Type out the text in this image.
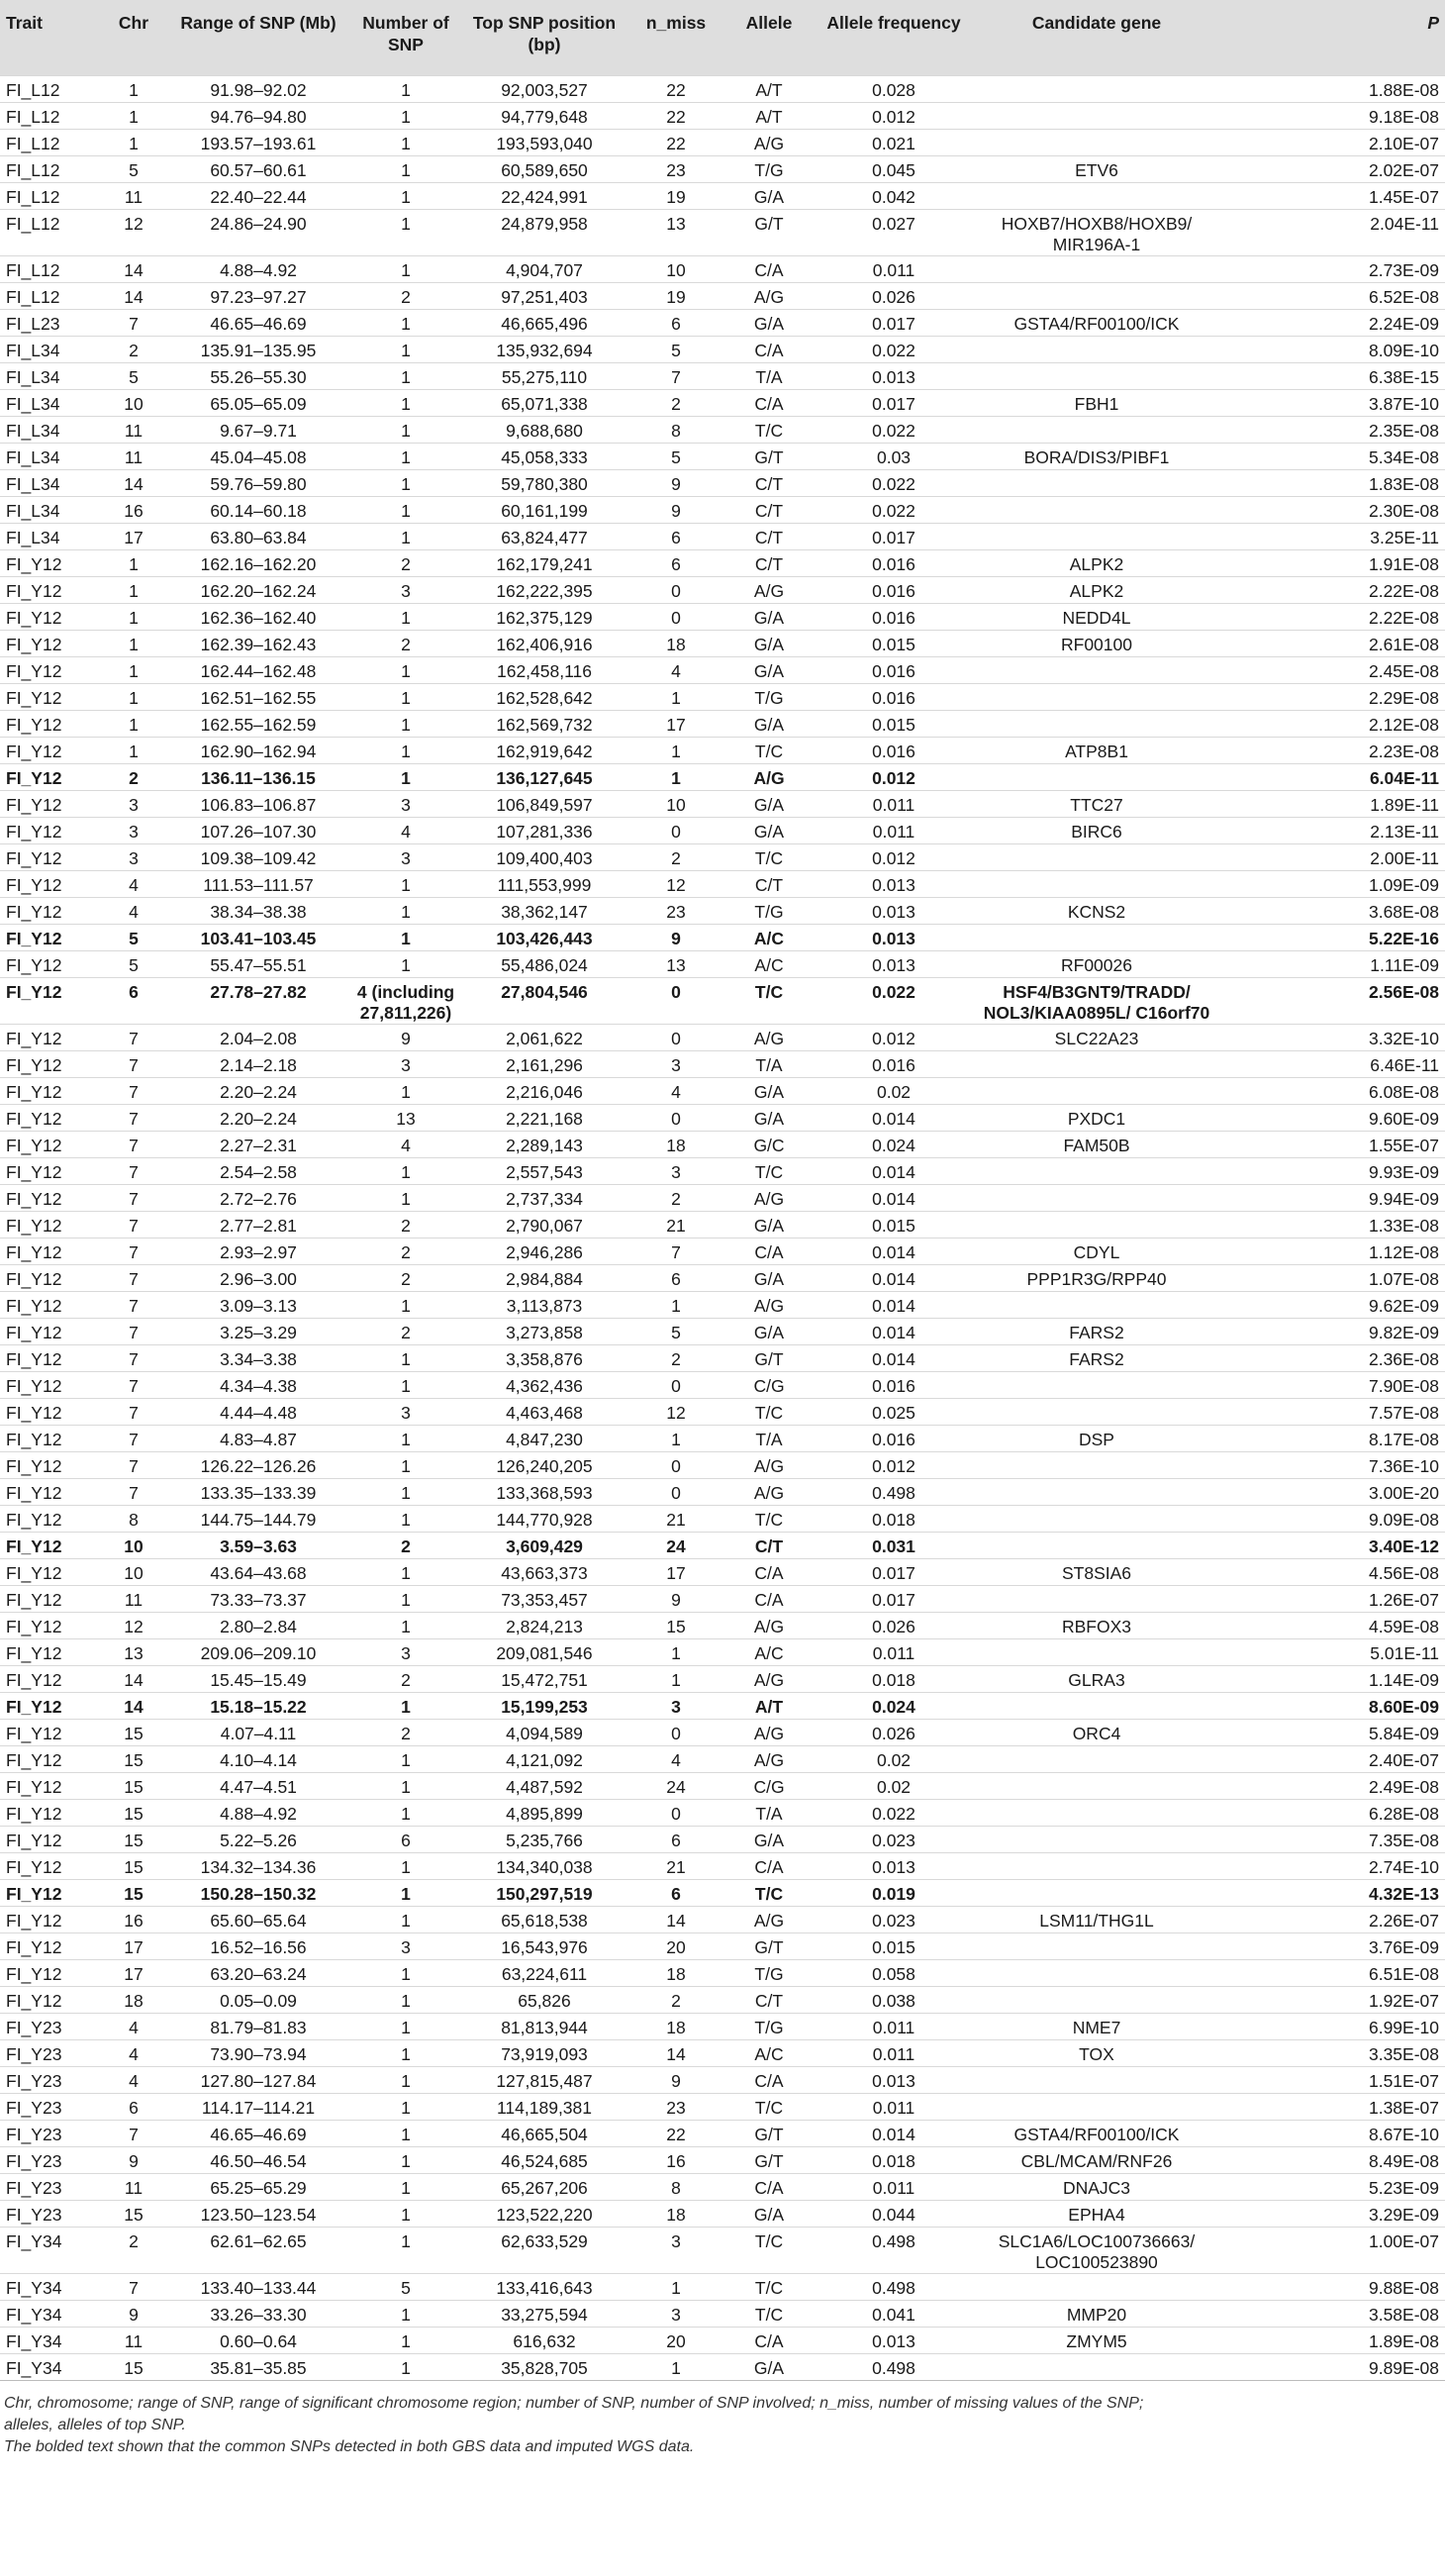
Trait	Chr	Range of SNP (Mb)	Number of SNP	Top SNP position (bp)	n_miss	Allele	Allele frequency	Candidate gene	P
FI_L12	1	91.98–92.02	1	92,003,527	22	A/T	0.028		1.88E-08
FI_L12	1	94.76–94.80	1	94,779,648	22	A/T	0.012		9.18E-08
FI_L12	1	193.57–193.61	1	193,593,040	22	A/G	0.021		2.10E-07
FI_L12	5	60.57–60.61	1	60,589,650	23	T/G	0.045	ETV6	2.02E-07
FI_L12	11	22.40–22.44	1	22,424,991	19	G/A	0.042		1.45E-07
FI_L12	12	24.86–24.90	1	24,879,958	13	G/T	0.027	HOXB7/HOXB8/HOXB9/ MIR196A-1	2.04E-11
FI_L12	14	4.88–4.92	1	4,904,707	10	C/A	0.011		2.73E-09
FI_L12	14	97.23–97.27	2	97,251,403	19	A/G	0.026		6.52E-08
FI_L23	7	46.65–46.69	1	46,665,496	6	G/A	0.017	GSTA4/RF00100/ICK	2.24E-09
FI_L34	2	135.91–135.95	1	135,932,694	5	C/A	0.022		8.09E-10
FI_L34	5	55.26–55.30	1	55,275,110	7	T/A	0.013		6.38E-15
FI_L34	10	65.05–65.09	1	65,071,338	2	C/A	0.017	FBH1	3.87E-10
FI_L34	11	9.67–9.71	1	9,688,680	8	T/C	0.022		2.35E-08
FI_L34	11	45.04–45.08	1	45,058,333	5	G/T	0.03	BORA/DIS3/PIBF1	5.34E-08
FI_L34	14	59.76–59.80	1	59,780,380	9	C/T	0.022		1.83E-08
FI_L34	16	60.14–60.18	1	60,161,199	9	C/T	0.022		2.30E-08
FI_L34	17	63.80–63.84	1	63,824,477	6	C/T	0.017		3.25E-11
FI_Y12	1	162.16–162.20	2	162,179,241	6	C/T	0.016	ALPK2	1.91E-08
FI_Y12	1	162.20–162.24	3	162,222,395	0	A/G	0.016	ALPK2	2.22E-08
FI_Y12	1	162.36–162.40	1	162,375,129	0	G/A	0.016	NEDD4L	2.22E-08
FI_Y12	1	162.39–162.43	2	162,406,916	18	G/A	0.015	RF00100	2.61E-08
FI_Y12	1	162.44–162.48	1	162,458,116	4	G/A	0.016		2.45E-08
FI_Y12	1	162.51–162.55	1	162,528,642	1	T/G	0.016		2.29E-08
FI_Y12	1	162.55–162.59	1	162,569,732	17	G/A	0.015		2.12E-08
FI_Y12	1	162.90–162.94	1	162,919,642	1	T/C	0.016	ATP8B1	2.23E-08
FI_Y12	2	136.11–136.15	1	136,127,645	1	A/G	0.012		6.04E-11
FI_Y12	3	106.83–106.87	3	106,849,597	10	G/A	0.011	TTC27	1.89E-11
FI_Y12	3	107.26–107.30	4	107,281,336	0	G/A	0.011	BIRC6	2.13E-11
FI_Y12	3	109.38–109.42	3	109,400,403	2	T/C	0.012		2.00E-11
FI_Y12	4	111.53–111.57	1	111,553,999	12	C/T	0.013		1.09E-09
FI_Y12	4	38.34–38.38	1	38,362,147	23	T/G	0.013	KCNS2	3.68E-08
FI_Y12	5	103.41–103.45	1	103,426,443	9	A/C	0.013		5.22E-16
FI_Y12	5	55.47–55.51	1	55,486,024	13	A/C	0.013	RF00026	1.11E-09
FI_Y12	6	27.78–27.82	4 (including 27,811,226)	27,804,546	0	T/C	0.022	HSF4/B3GNT9/TRADD/ NOL3/KIAA0895L/ C16orf70	2.56E-08
FI_Y12	7	2.04–2.08	9	2,061,622	0	A/G	0.012	SLC22A23	3.32E-10
FI_Y12	7	2.14–2.18	3	2,161,296	3	T/A	0.016		6.46E-11
FI_Y12	7	2.20–2.24	1	2,216,046	4	G/A	0.02		6.08E-08
FI_Y12	7	2.20–2.24	13	2,221,168	0	G/A	0.014	PXDC1	9.60E-09
FI_Y12	7	2.27–2.31	4	2,289,143	18	G/C	0.024	FAM50B	1.55E-07
FI_Y12	7	2.54–2.58	1	2,557,543	3	T/C	0.014		9.93E-09
FI_Y12	7	2.72–2.76	1	2,737,334	2	A/G	0.014		9.94E-09
FI_Y12	7	2.77–2.81	2	2,790,067	21	G/A	0.015		1.33E-08
FI_Y12	7	2.93–2.97	2	2,946,286	7	C/A	0.014	CDYL	1.12E-08
FI_Y12	7	2.96–3.00	2	2,984,884	6	G/A	0.014	PPP1R3G/RPP40	1.07E-08
FI_Y12	7	3.09–3.13	1	3,113,873	1	A/G	0.014		9.62E-09
FI_Y12	7	3.25–3.29	2	3,273,858	5	G/A	0.014	FARS2	9.82E-09
FI_Y12	7	3.34–3.38	1	3,358,876	2	G/T	0.014	FARS2	2.36E-08
FI_Y12	7	4.34–4.38	1	4,362,436	0	C/G	0.016		7.90E-08
FI_Y12	7	4.44–4.48	3	4,463,468	12	T/C	0.025		7.57E-08
FI_Y12	7	4.83–4.87	1	4,847,230	1	T/A	0.016	DSP	8.17E-08
FI_Y12	7	126.22–126.26	1	126,240,205	0	A/G	0.012		7.36E-10
FI_Y12	7	133.35–133.39	1	133,368,593	0	A/G	0.498		3.00E-20
FI_Y12	8	144.75–144.79	1	144,770,928	21	T/C	0.018		9.09E-08
FI_Y12	10	3.59–3.63	2	3,609,429	24	C/T	0.031		3.40E-12
FI_Y12	10	43.64–43.68	1	43,663,373	17	C/A	0.017	ST8SIA6	4.56E-08
FI_Y12	11	73.33–73.37	1	73,353,457	9	C/A	0.017		1.26E-07
FI_Y12	12	2.80–2.84	1	2,824,213	15	A/G	0.026	RBFOX3	4.59E-08
FI_Y12	13	209.06–209.10	3	209,081,546	1	A/C	0.011		5.01E-11
FI_Y12	14	15.45–15.49	2	15,472,751	1	A/G	0.018	GLRA3	1.14E-09
FI_Y12	14	15.18–15.22	1	15,199,253	3	A/T	0.024		8.60E-09
FI_Y12	15	4.07–4.11	2	4,094,589	0	A/G	0.026	ORC4	5.84E-09
FI_Y12	15	4.10–4.14	1	4,121,092	4	A/G	0.02		2.40E-07
FI_Y12	15	4.47–4.51	1	4,487,592	24	C/G	0.02		2.49E-08
FI_Y12	15	4.88–4.92	1	4,895,899	0	T/A	0.022		6.28E-08
FI_Y12	15	5.22–5.26	6	5,235,766	6	G/A	0.023		7.35E-08
FI_Y12	15	134.32–134.36	1	134,340,038	21	C/A	0.013		2.74E-10
FI_Y12	15	150.28–150.32	1	150,297,519	6	T/C	0.019		4.32E-13
FI_Y12	16	65.60–65.64	1	65,618,538	14	A/G	0.023	LSM11/THG1L	2.26E-07
FI_Y12	17	16.52–16.56	3	16,543,976	20	G/T	0.015		3.76E-09
FI_Y12	17	63.20–63.24	1	63,224,611	18	T/G	0.058		6.51E-08
FI_Y12	18	0.05–0.09	1	65,826	2	C/T	0.038		1.92E-07
FI_Y23	4	81.79–81.83	1	81,813,944	18	T/G	0.011	NME7	6.99E-10
FI_Y23	4	73.90–73.94	1	73,919,093	14	A/C	0.011	TOX	3.35E-08
FI_Y23	4	127.80–127.84	1	127,815,487	9	C/A	0.013		1.51E-07
FI_Y23	6	114.17–114.21	1	114,189,381	23	T/C	0.011		1.38E-07
FI_Y23	7	46.65–46.69	1	46,665,504	22	G/T	0.014	GSTA4/RF00100/ICK	8.67E-10
FI_Y23	9	46.50–46.54	1	46,524,685	16	G/T	0.018	CBL/MCAM/RNF26	8.49E-08
FI_Y23	11	65.25–65.29	1	65,267,206	8	C/A	0.011	DNAJC3	5.23E-09
FI_Y23	15	123.50–123.54	1	123,522,220	18	G/A	0.044	EPHA4	3.29E-09
FI_Y34	2	62.61–62.65	1	62,633,529	3	T/C	0.498	SLC1A6/LOC100736663/ LOC100523890	1.00E-07
FI_Y34	7	133.40–133.44	5	133,416,643	1	T/C	0.498		9.88E-08
FI_Y34	9	33.26–33.30	1	33,275,594	3	T/C	0.041	MMP20	3.58E-08
FI_Y34	11	0.60–0.64	1	616,632	20	C/A	0.013	ZMYM5	1.89E-08
FI_Y34	15	35.81–35.85	1	35,828,705	1	G/A	0.498		9.89E-08
Chr, chromosome; range of SNP, range of significant chromosome region; number of SNP, number of SNP involved; n_miss, number of missing values of the SNP;
alleles, alleles of top SNP.
The bolded text shown that the common SNPs detected in both GBS data and imputed WGS data.
